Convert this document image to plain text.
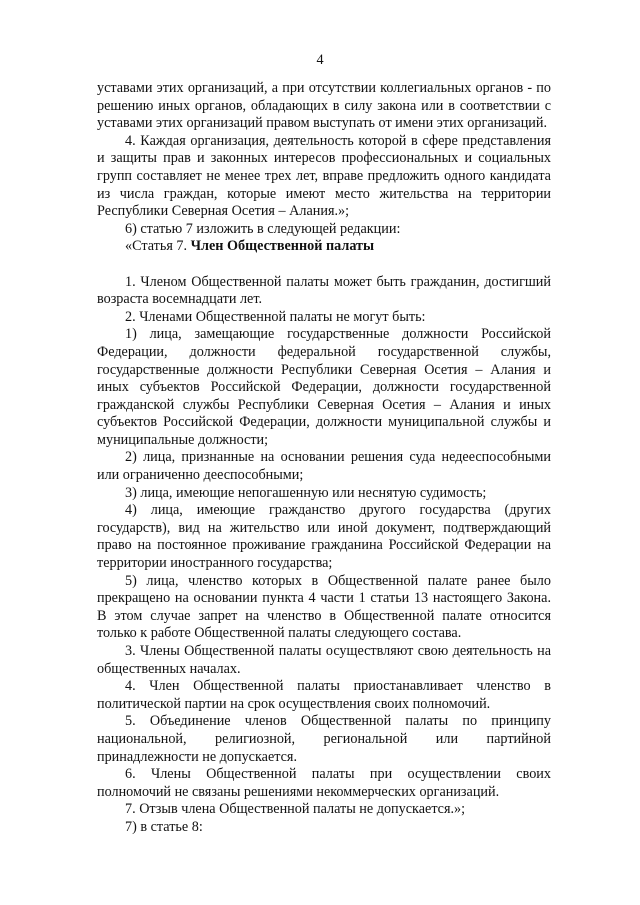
4

уставами этих организаций, а при отсутствии коллегиальных органов - по решению иных органов, обладающих в силу закона или в соответствии с уставами этих организаций правом выступать от имени этих организаций.

4. Каждая организация, деятельность которой в сфере представления и защиты прав и законных интересов профессиональных и социальных групп составляет не менее трех лет, вправе предложить одного кандидата из числа граждан, которые имеют место жительства на территории Республики Северная Осетия – Алания.»;

6) статью 7 изложить в следующей редакции:

«Статья 7. Член Общественной палаты

1. Членом Общественной палаты может быть гражданин, достигший возраста восемнадцати лет.

2. Членами Общественной палаты не могут быть:

1) лица, замещающие государственные должности Российской Федерации, должности федеральной государственной службы, государственные должности Республики Северная Осетия – Алания и иных субъектов Российской Федерации, должности государственной гражданской службы Республики Северная Осетия – Алания и иных субъектов Российской Федерации, должности муниципальной службы и муниципальные должности;

2) лица, признанные на основании решения суда недееспособными или ограниченно дееспособными;

3) лица, имеющие непогашенную или неснятую судимость;

4) лица, имеющие гражданство другого государства (других государств), вид на жительство или иной документ, подтверждающий право на постоянное проживание гражданина Российской Федерации на территории иностранного государства;

5) лица, членство которых в Общественной палате ранее было прекращено на основании пункта 4 части 1 статьи 13 настоящего Закона. В этом случае запрет на членство в Общественной палате относится только к работе Общественной палаты следующего состава.

3. Члены Общественной палаты осуществляют свою деятельность на общественных началах.

4. Член Общественной палаты приостанавливает членство в политической партии на срок осуществления своих полномочий.

5. Объединение членов Общественной палаты по принципу национальной, религиозной, региональной или партийной принадлежности не допускается.

6. Члены Общественной палаты при осуществлении своих полномочий не связаны решениями некоммерческих организаций.

7. Отзыв члена Общественной палаты не допускается.»;

7) в статье 8:
